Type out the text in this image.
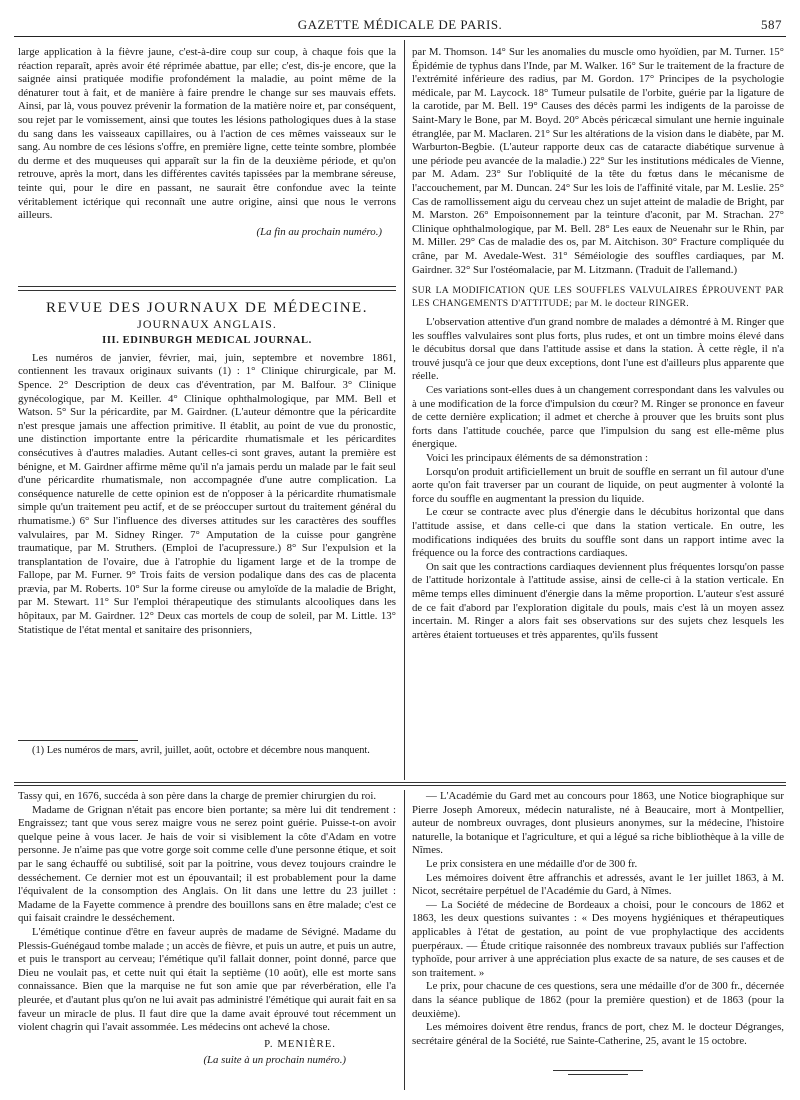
GAZETTE MÉDICALE DE PARIS.	587

large application à la fièvre jaune, c'est-à-dire coup sur coup, à chaque fois que la réaction reparaît, après avoir été réprimée abattue, par elle; c'est, dis-je encore, que la saignée ainsi pratiquée modifie profondément la maladie, au point même de la dénaturer tout à fait, et de manière à faire prendre le change sur ses mauvais effets. Ainsi, par là, vous pouvez prévenir la formation de la matière noire et, par conséquent, sou rejet par le vomissement, ainsi que toutes les lésions pathologiques dues à la stase du sang dans les vaisseaux capillaires, ou à l'action de ces mêmes vaisseaux sur le sang. Au nombre de ces lésions s'offre, en première ligne, cette teinte sombre, plombée du derme et des muqueuses qui apparaît sur la fin de la deuxième période, et qu'on retrouve, après la mort, dans les différentes cavités tapissées par la membrane séreuse, teinte qui, pour le dire en passant, ne saurait être confondue avec la teinte véritablement ictérique qui reconnaît une autre origine, ainsi que nous le verrons ailleurs.

(La fin au prochain numéro.)
REVUE DES JOURNAUX DE MÉDECINE.
JOURNAUX ANGLAIS.
III. EDINBURGH MEDICAL JOURNAL.

Les numéros de janvier, février, mai, juin, septembre et novembre 1861, contiennent les travaux originaux suivants (1) : 1° Clinique chirurgicale, par M. Spence. 2° Description de deux cas d'éventration, par M. Balfour. 3° Clinique gynécologique, par M. Keiller. 4° Clinique ophthalmologique, par MM. Bell et Watson. 5° Sur la péricardite, par M. Gairdner. (L'auteur démontre que la péricardite n'est presque jamais une affection primitive. Il établit, au point de vue du pronostic, une distinction importante entre la péricardite rhumatismale et les péricardites consécutives à d'autres maladies. Autant celles-ci sont graves, autant la première est bénigne, et M. Gairdner affirme même qu'il n'a jamais perdu un malade par le fait seul d'une péricardite rhumatismale, non accompagnée d'une autre complication. La conséquence naturelle de cette opinion est de n'opposer à la péricardite rhumatismale simple qu'un traitement peu actif, et de se préoccuper surtout du traitement général du rhumatisme.) 6° Sur l'influence des diverses attitudes sur les caractères des souffles valvulaires, par M. Sidney Ringer. 7° Amputation de la cuisse pour gangrène traumatique, par M. Struthers. (Emploi de l'acupressure.) 8° Sur l'expulsion et la transplantation de l'ovaire, due à l'atrophie du ligament large et de la trompe de Fallope, par M. Furner. 9° Trois faits de version podalique dans des cas de placenta prævia, par M. Roberts. 10° Sur la forme cireuse ou amyloïde de la maladie de Bright, par M. Stewart. 11° Sur l'emploi thérapeutique des stimulants alcooliques dans les hôpitaux, par M. Gairdner. 12° Deux cas mortels de coup de soleil, par M. Little. 13° Statistique de l'état mental et sanitaire des prisonniers,

(1) Les numéros de mars, avril, juillet, août, octobre et décembre nous manquent.

par M. Thomson. 14° Sur les anomalies du muscle omo hyoïdien, par M. Turner. 15° Épidémie de typhus dans l'Inde, par M. Walker. 16° Sur le traitement de la fracture de l'extrémité inférieure des radius, par M. Gordon. 17° Principes de la psychologie médicale, par M. Laycock. 18° Tumeur pulsatile de l'orbite, guérie par la ligature de la carotide, par M. Bell. 19° Causes des décès parmi les indigents de la paroisse de Saint-Mary le Bone, par M. Boyd. 20° Abcès péricæcal simulant une hernie inguinale étranglée, par M. Maclaren. 21° Sur les altérations de la vision dans le diabète, par M. Warburton-Begbie. (L'auteur rapporte deux cas de cataracte diabétique survenue à une période peu avancée de la maladie.) 22° Sur les institutions médicales de Vienne, par M. Adam. 23° Sur l'obliquité de la tête du fœtus dans le mécanisme de l'accouchement, par M. Duncan. 24° Sur les lois de l'affinité vitale, par M. Leslie. 25° Cas de ramollissement aigu du cerveau chez un sujet atteint de maladie de Bright, par M. Marston. 26° Empoisonnement par la teinture d'aconit, par M. Strachan. 27° Clinique ophthalmologique, par M. Bell. 28° Les eaux de Neuenahr sur le Rhin, par M. Miller. 29° Cas de maladie des os, par M. Aitchison. 30° Fracture compliquée du crâne, par M. Avedale-West. 31° Séméiologie des souffles cardiaques, par M. Gairdner. 32° Sur l'ostéomalacie, par M. Litzmann. (Traduit de l'allemand.)

SUR LA MODIFICATION QUE LES SOUFFLES VALVULAIRES ÉPROUVENT PAR LES CHANGEMENTS D'ATTITUDE; par M. le docteur RINGER.

L'observation attentive d'un grand nombre de malades a démontré à M. Ringer que les souffles valvulaires sont plus forts, plus rudes, et ont un timbre moins élevé dans le décubitus dorsal que dans l'attitude assise et dans la station. À cette règle, il n'a trouvé jusqu'à ce jour que deux exceptions, dont l'une est d'ailleurs plus apparente que réelle.

Ces variations sont-elles dues à un changement correspondant dans les valvules ou à une modification de la force d'impulsion du cœur? M. Ringer se prononce en faveur de cette dernière explication; il admet et cherche à prouver que les bruits sont plus forts dans l'attitude couchée, parce que l'impulsion du sang est elle-même plus énergique.

Voici les principaux éléments de sa démonstration :

Lorsqu'on produit artificiellement un bruit de souffle en serrant un fil autour d'une aorte qu'on fait traverser par un courant de liquide, on peut augmenter à volonté la force du souffle en augmentant la pression du liquide.

Le cœur se contracte avec plus d'énergie dans le décubitus horizontal que dans l'attitude assise, et dans celle-ci que dans la station verticale. En outre, les modifications indiquées des bruits du souffle sont dans un rapport intime avec la fréquence ou la force des contractions cardiaques.

On sait que les contractions cardiaques deviennent plus fréquentes lorsqu'on passe de l'attitude horizontale à l'attitude assise, ainsi de celle-ci à la station verticale. En même temps elles diminuent d'énergie dans la même proportion. L'auteur s'est assuré de ce fait d'abord par l'exploration digitale du pouls, mais c'est là un moyen assez incertain. M. Ringer a alors fait ses observations sur des sujets chez lesquels les artères étaient tortueuses et très apparentes, qu'ils fussent

Tassy qui, en 1676, succéda à son père dans la charge de premier chirurgien du roi.

Madame de Grignan n'était pas encore bien portante; sa mère lui dit tendrement : Engraissez; tant que vous serez maigre vous ne serez point guérie. Puisse-t-on avoir quelque peine à vous lacer. Je hais de voir si visiblement la côte d'Adam en votre personne. Je n'aime pas que votre gorge soit comme celle d'une personne étique, et soit par le sang échauffé ou subtilisé, soit par la poitrine, vous devez toujours craindre le desséchement. Ce dernier mot est un épouvantail; il est probablement pour la dame l'équivalent de la consomption des Anglais. On lit dans une lettre du 23 juillet : Madame de la Fayette commence à prendre des bouillons sans en être malade; c'est ce qui faisait craindre le desséchement.

L'émétique continue d'être en faveur auprès de madame de Sévigné. Madame du Plessis-Guénégaud tombe malade ; un accès de fièvre, et puis un autre, et puis un autre, et puis le transport au cerveau; l'émétique qu'il fallait donner, point donné, parce que Dieu ne voulait pas, et cette nuit qui était la septième (10 août), elle est morte sans connaissance. Bien que la marquise ne fut son amie que par réverbération, elle l'a pleurée, et d'autant plus qu'on ne lui avait pas administré l'émétique qui aurait fait en sa faveur un miracle de plus. Il faut dire que la dame avait éprouvé tout récemment un violent chagrin qui l'avait assommée. Les médecins ont achevé la chose.

P. MENIÈRE.
(La suite à un prochain numéro.)

— L'Académie du Gard met au concours pour 1863, une Notice biographique sur Pierre Joseph Amoreux, médecin naturaliste, né à Beaucaire, mort à Montpellier, auteur de nombreux ouvrages, dont plusieurs anonymes, sur la médecine, l'histoire naturelle, la botanique et l'agriculture, et qui a légué sa riche bibliothèque à la ville de Nîmes.

Le prix consistera en une médaille d'or de 300 fr.

Les mémoires doivent être affranchis et adressés, avant le 1er juillet 1863, à M. Nicot, secrétaire perpétuel de l'Académie du Gard, à Nîmes.

— La Société de médecine de Bordeaux a choisi, pour le concours de 1862 et 1863, les deux questions suivantes : « Des moyens hygiéniques et thérapeutiques applicables à l'état de gestation, au point de vue prophylactique des accidents puerpéraux. — Étude critique raisonnée des nombreux travaux publiés sur l'affection typhoïde, pour arriver à une appréciation plus exacte de sa nature, de ses causes et de son traitement. »

Le prix, pour chacune de ces questions, sera une médaille d'or de 300 fr., décernée dans la séance publique de 1862 (pour la première question) et de 1863 (pour la deuxième).

Les mémoires doivent être rendus, francs de port, chez M. le docteur Dégranges, secrétaire général de la Société, rue Sainte-Catherine, 25, avant le 15 octobre.
